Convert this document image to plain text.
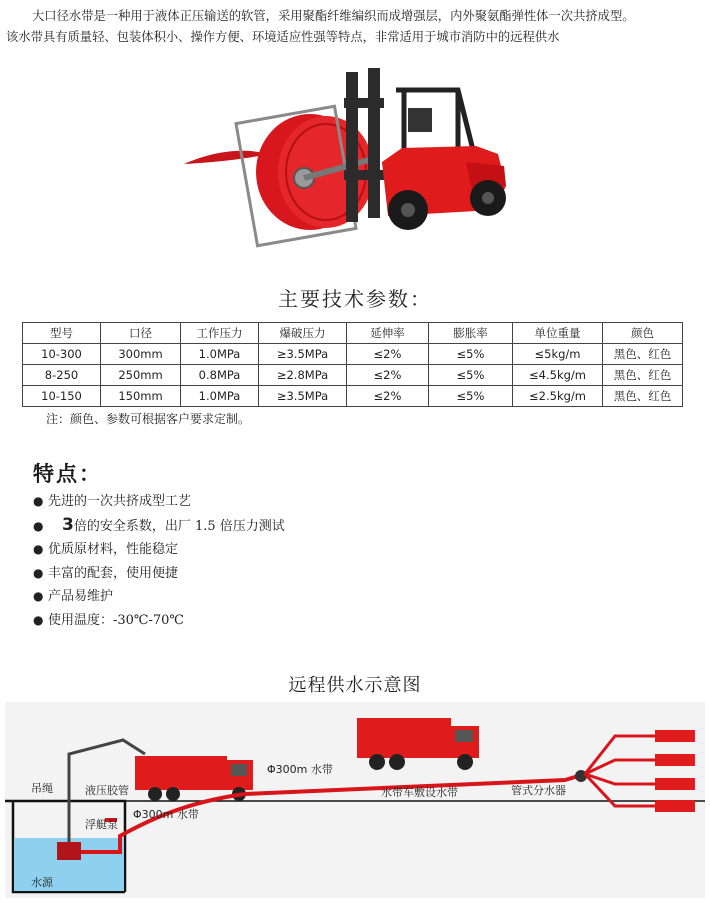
大口径水带是一种用于液体正压输送的软管，采用聚酯纤维编织而成增强层，内外聚氨酯弹性体一次共挤成型。

该水带具有质量轻、包装体积小、操作方便、环境适应性强等特点，非常适用于城市消防中的远程供水

主要技术参数：
型号	口径	工作压力	爆破压力	延伸率	膨胀率	单位重量	颜色
10-300	300mm	1.0MPa	≥3.5MPa	≤2%	≤5%	≤5kg/m	黑色、红色
8-250	250mm	0.8MPa	≥2.8MPa	≤2%	≤5%	≤4.5kg/m	黑色、红色
10-150	150mm	1.0MPa	≥3.5MPa	≤2%	≤5%	≤2.5kg/m	黑色、红色
注：颜色、参数可根据客户要求定制。
特点：
● 先进的一次共挤成型工艺
● 3倍的安全系数，出厂 1.5 倍压力测试
● 优质原材料，性能稳定
● 丰富的配套，使用便捷
● 产品易维护
● 使用温度：-30℃-70℃
远程供水示意图
吊绳	液压胶管
浮艇泵
水源
Φ300m 水带
Φ300m 水带
水带车敷设水带	管式分水器
